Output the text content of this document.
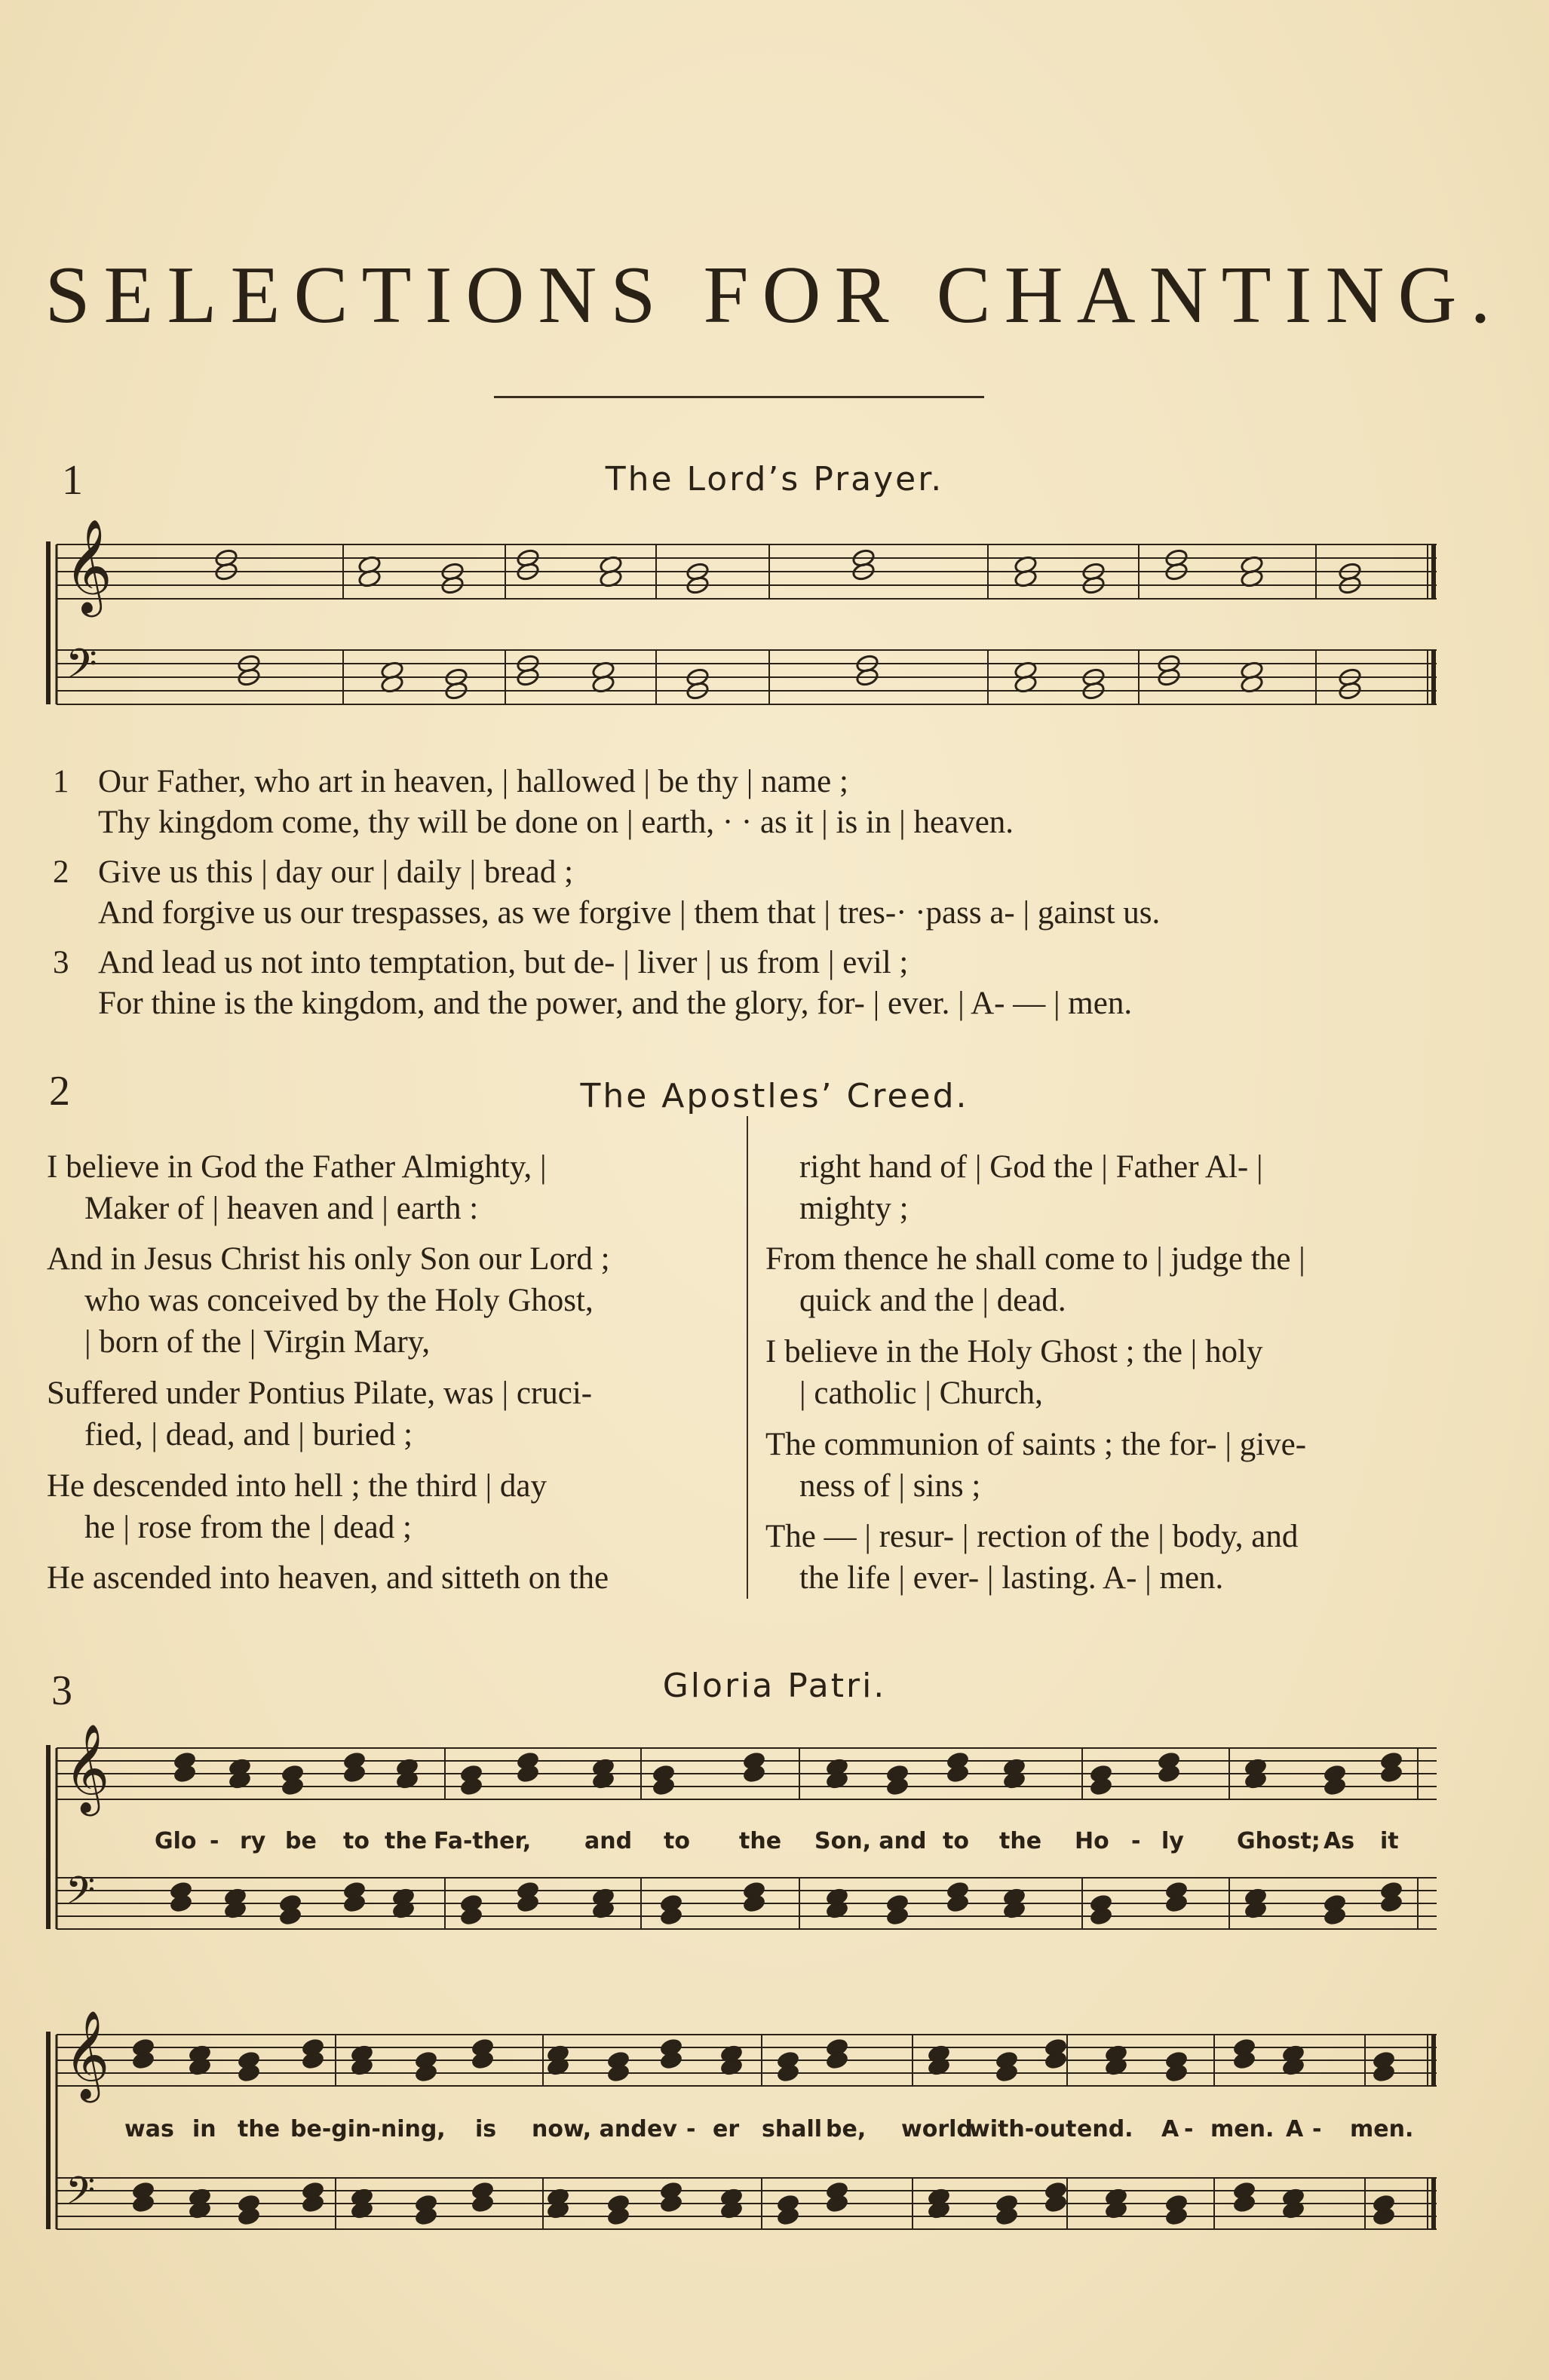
SELECTIONS FOR CHANTING.
1	The Lord’s Prayer.
𝄞
𝄢
𝄞
𝄢
𝄞
𝄢
1 Our Father, who art in heaven, | hallowed | be thy | name ;
Thy kingdom come, thy will be done on | earth, · · as it | is in | heaven.
2 Give us this | day our | daily | bread ;
And forgive us our trespasses, as we forgive | them that | tres-· ·pass a- | gainst us.
3 And lead us not into temptation, but de- | liver | us from | evil ;
For thine is the kingdom, and the power, and the glory, for- | ever. | A- — | men.
2	The Apostles’ Creed.
I believe in God the Father Almighty, |
Maker of | heaven and | earth :
And in Jesus Christ his only Son our Lord ;
who was conceived by the Holy Ghost,
| born of the | Virgin Mary,
Suffered under Pontius Pilate, was | cruci-
fied, | dead, and | buried ;
He descended into hell ; the third | day
he | rose from the | dead ;
He ascended into heaven, and sitteth on the
right hand of | God the | Father Al- |
mighty ;
From thence he shall come to | judge the |
quick and the | dead.
I believe in the Holy Ghost ; the | holy
| catholic | Church,
The communion of saints ; the for- | give-
ness of | sins ;
The — | resur- | rection of the | body, and
the life | ever- | lasting. A- | men.
3	Gloria Patri.
Glo - ry be to the Fa-ther, and to the Son, and to the Ho - ly Ghost; As it
was in the be-gin-ning, is now, and ev - er shall be, world
with-out end. A - men. A - men.
